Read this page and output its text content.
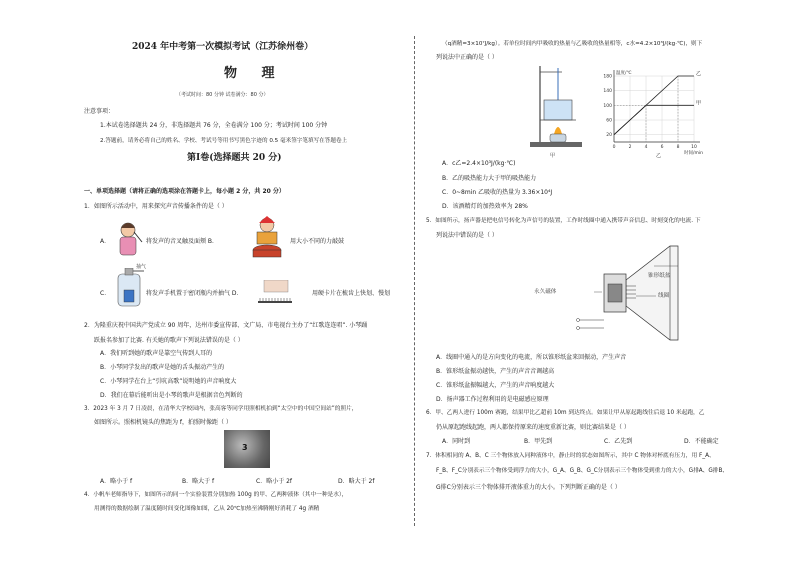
2024 年中考第一次模拟考试（江苏徐州卷）
物 理
（考试时间：80 分钟 试卷满分：80 分）
注意事项：
1.本试卷选择题共 24 分，非选择题共 76 分，全卷满分 100 分；考试时间 100 分钟
2.答题前，请务必将自己的姓名、学校、考试号等用书写黑色字迹的 0.5 毫米签字笔填写在答题卷上
第Ⅰ卷(选择题共 20 分)
一、单项选择题（请将正确的选项涂在答题卡上，每小题 2 分，共 20 分）
1．如图所示活动中，用来探究声音传播条件的是（ ）
A．	将发声的音叉触及面颊 B．	用大小不同的力敲鼓
C．
抽气
将发声手机置于密闭瓶内并抽气 D．	用硬卡片在梳齿上快划、慢划
2．为隆重庆祝中国共产党成立 90 周年，达州市委宣传部、文广局、市电视台主办了“红歌连连唱”. 小琴踊
跃报名参加了比赛. 有关她的歌声下列说法错误的是（ ）
A．我们听到她的歌声是靠空气传到人耳的
B．小琴同学发出的歌声是她的舌头振动产生的
C．小琴同学在台上“引吭高歌”说明她的声音响度大
D．我们在幕后能听出是小琴的歌声是根据音色判断的
3．2023 年 3 月 7 日凌晨，在清华大学校园内，张高客等同学用照相机拍到“太空中的中国空间站”的照片，
如图所示。照相机镜头的焦距为 f，拍照时像距（ ）
3
A．略小于 f	B．略大于 f	C．略小于 2f	D．略大于 2f
4．小帆车老师指导下，如图所示的同一个实验装置分别加热 100g 的甲、乙两种液体（其中一种是水），
用测得的数据绘制了温度随时间变化图像如图，乙从 20℃加热至沸腾刚好消耗了 4g 酒精
（q酒精=3×10⁷J/kg）。若单位时间内甲吸收的热量与乙吸收的热量相等，c水=4.2×10³J/(kg·℃)，则下
列说法中正确的是（ ）
甲
20
60
100
140
180
0	2	4	6	8	10
温度/℃
时间/min
乙
甲
乙
A．c乙=2.4×10³J/(kg·℃)
B．乙的吸热能力大于甲的吸热能力
C．0~8min 乙吸收的热量为 3.36×10⁴J
D．该酒精灯的加热效率为 28%
5．如图所示，扬声器是把电信号转化为声信号的装置，工作时线圈中通入携带声音信息、时刻变化的电流. 下
列说法中错误的是（ ）
锥形纸盆
永久磁体
线圈
A．线圈中通入的是方向变化的电流，所以锥形纸盆来回振动，产生声音
B．锥形纸盆振动越快，产生的声音音调越高
C．锥形纸盆振幅越大，产生的声音响度越大
D．扬声器工作过程利用的是电磁感应原理
6．甲、乙两人进行 100m 赛跑，结果甲比乙超前 10m 到达终点。如果让甲从原起跑线往后退 10 米起跑，乙
仍从原起跑线起跑，两人都保持原来的速度重新比赛，则比赛结果是（ ）
A．同时到	B．甲先到	C．乙先到	D．不能确定
7．体积相同的 A、B、C 三个物体放入同种液体中，静止时的状态如图所示，其中 C 物体对杯底有压力，用 F_A、
F_B、F_C分别表示三个物体受到浮力的大小，G_A、G_B、G_C分别表示三个物体受到重力的大小，G排A、G排B、
G排C分别表示三个物体排开液体重力的大小。下列判断正确的是（ ）
